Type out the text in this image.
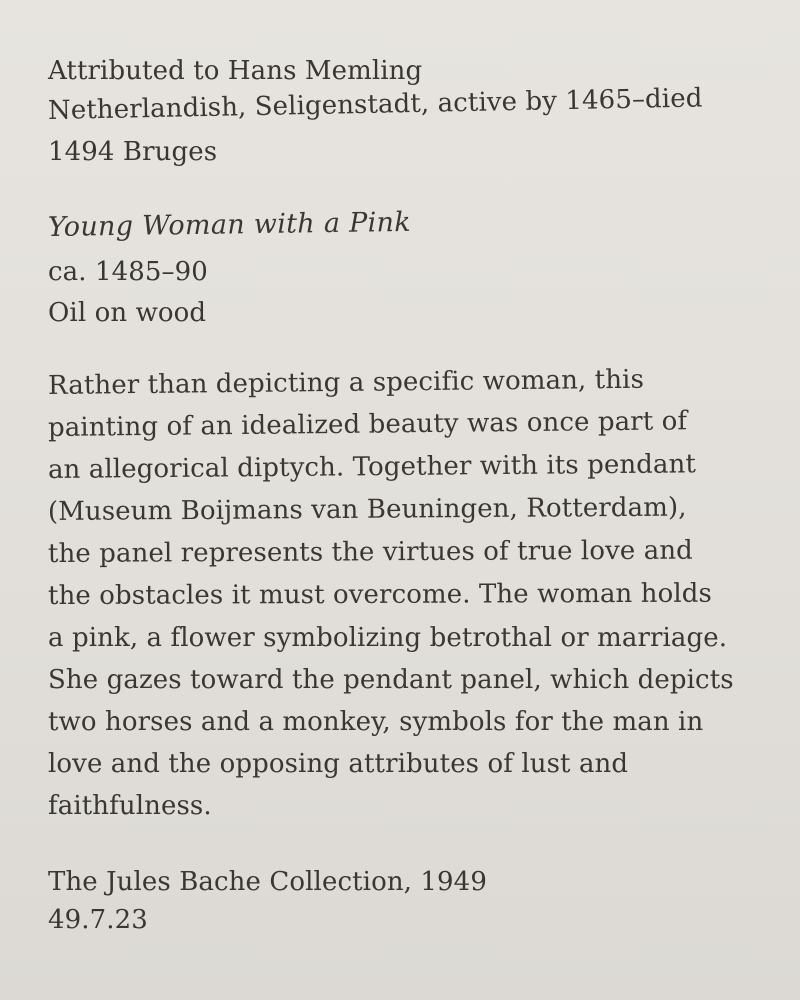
Attributed to Hans Memling
Netherlandish, Seligenstadt, active by 1465–died
1494 Bruges
Young Woman with a Pink
ca. 1485–90
Oil on wood
Rather than depicting a specific woman, this
painting of an idealized beauty was once part of
an allegorical diptych. Together with its pendant
(Museum Boijmans van Beuningen, Rotterdam),
the panel represents the virtues of true love and
the obstacles it must overcome. The woman holds
a pink, a flower symbolizing betrothal or marriage.
She gazes toward the pendant panel, which depicts
two horses and a monkey, symbols for the man in
love and the opposing attributes of lust and
faithfulness.
The Jules Bache Collection, 1949
49.7.23
